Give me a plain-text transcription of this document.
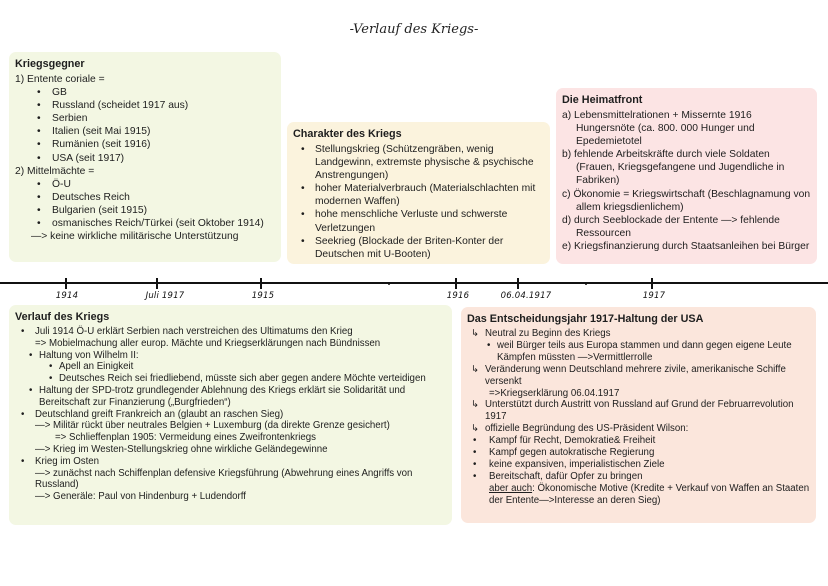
-Verlauf des Kriegs-
Kriegsgegner
1) Entente coriale =
• GB
• Russland (scheidet 1917 aus)
• Serbien
• Italien (seit Mai 1915)
• Rumänien (seit 1916)
• USA (seit 1917)
2) Mittelmächte =
• Ö-U
• Deutsches Reich
• Bulgarien (seit 1915)
• osmanisches Reich/Türkei (seit Oktober 1914)
—> keine wirkliche militärische Unterstützung
Charakter des Kriegs
• Stellungskrieg (Schützengräben, wenig Landgewinn, extremste physische & psychische Anstrengungen)
• hoher Materialverbrauch (Materialschlachten mit modernen Waffen)
• hohe menschliche Verluste und schwerste Verletzungen
• Seekrieg (Blockade der Briten-Konter der Deutschen mit U-Booten)
Die Heimatfront
a) Lebensmittelrationen + Missernte 1916 Hungersnöte (ca. 800. 000 Hunger und Epedemietotel
b) fehlende Arbeitskräfte durch viele Soldaten (Frauen, Kriegsgefangene und Jugendliche in Fabriken)
c) Ökonomie = Kriegswirtschaft (Beschlagnamung von allem kriegsdienlichem)
d) durch Seeblockade der Entente —> fehlende Ressourcen
e) Kriegsfinanzierung durch Staatsanleihen bei Bürger
1914	Juli 1917	1915	1916	06.04.1917	1917
Verlauf des Kriegs
• Juli 1914 Ö-U erklärt Serbien nach verstreichen des Ultimatums den Krieg
=> Mobielmachung aller europ. Mächte und Kriegserklärungen nach Bündnissen
• Haltung von Wilhelm II:
• Apell an Einigkeit
• Deutsches Reich sei friedliebend, müsste sich aber gegen andere Möchte verteidigen
• Haltung der SPD-trotz grundlegender Ablehnung des Kriegs erklärt sie Solidarität und Bereitschaft zur Finanzierung („Burgfrieden“)
• Deutschland greift Frankreich an (glaubt an raschen Sieg)
—> Militär rückt über neutrales Belgien + Luxemburg (da direkte Grenze gesichert)
=> Schlieffenplan 1905: Vermeidung eines Zweifrontenkriegs
—> Krieg im Westen-Stellungskrieg ohne wirkliche Geländegewinne
• Krieg im Osten
—> zunächst nach Schiffenplan defensive Kriegsführung (Abwehrung eines Angriffs von Russland)
—> Generäle: Paul von Hindenburg + Ludendorff
Das Entscheidungsjahr 1917-Haltung der USA
↳ Neutral zu Beginn des Kriegs
• weil Bürger teils aus Europa stammen und dann gegen eigene Leute Kämpfen müssten —>Vermittlerrolle
↳ Veränderung wenn Deutschland mehrere zivile, amerikanische Schiffe versenkt
=>Kriegserklärung 06.04.1917
↳ Unterstützt durch Austritt von Russland auf Grund der Februarrevolution 1917
↳ offizielle Begründung des US-Präsident Wilson:
• Kampf für Recht, Demokratie& Freiheit
• Kampf gegen autokratische Regierung
• keine expansiven, imperialistischen Ziele
• Bereitschaft, dafür Opfer zu bringen
aber auch: Ökonomische Motive (Kredite + Verkauf von Waffen an Staaten der Entente—>Interesse an deren Sieg)
